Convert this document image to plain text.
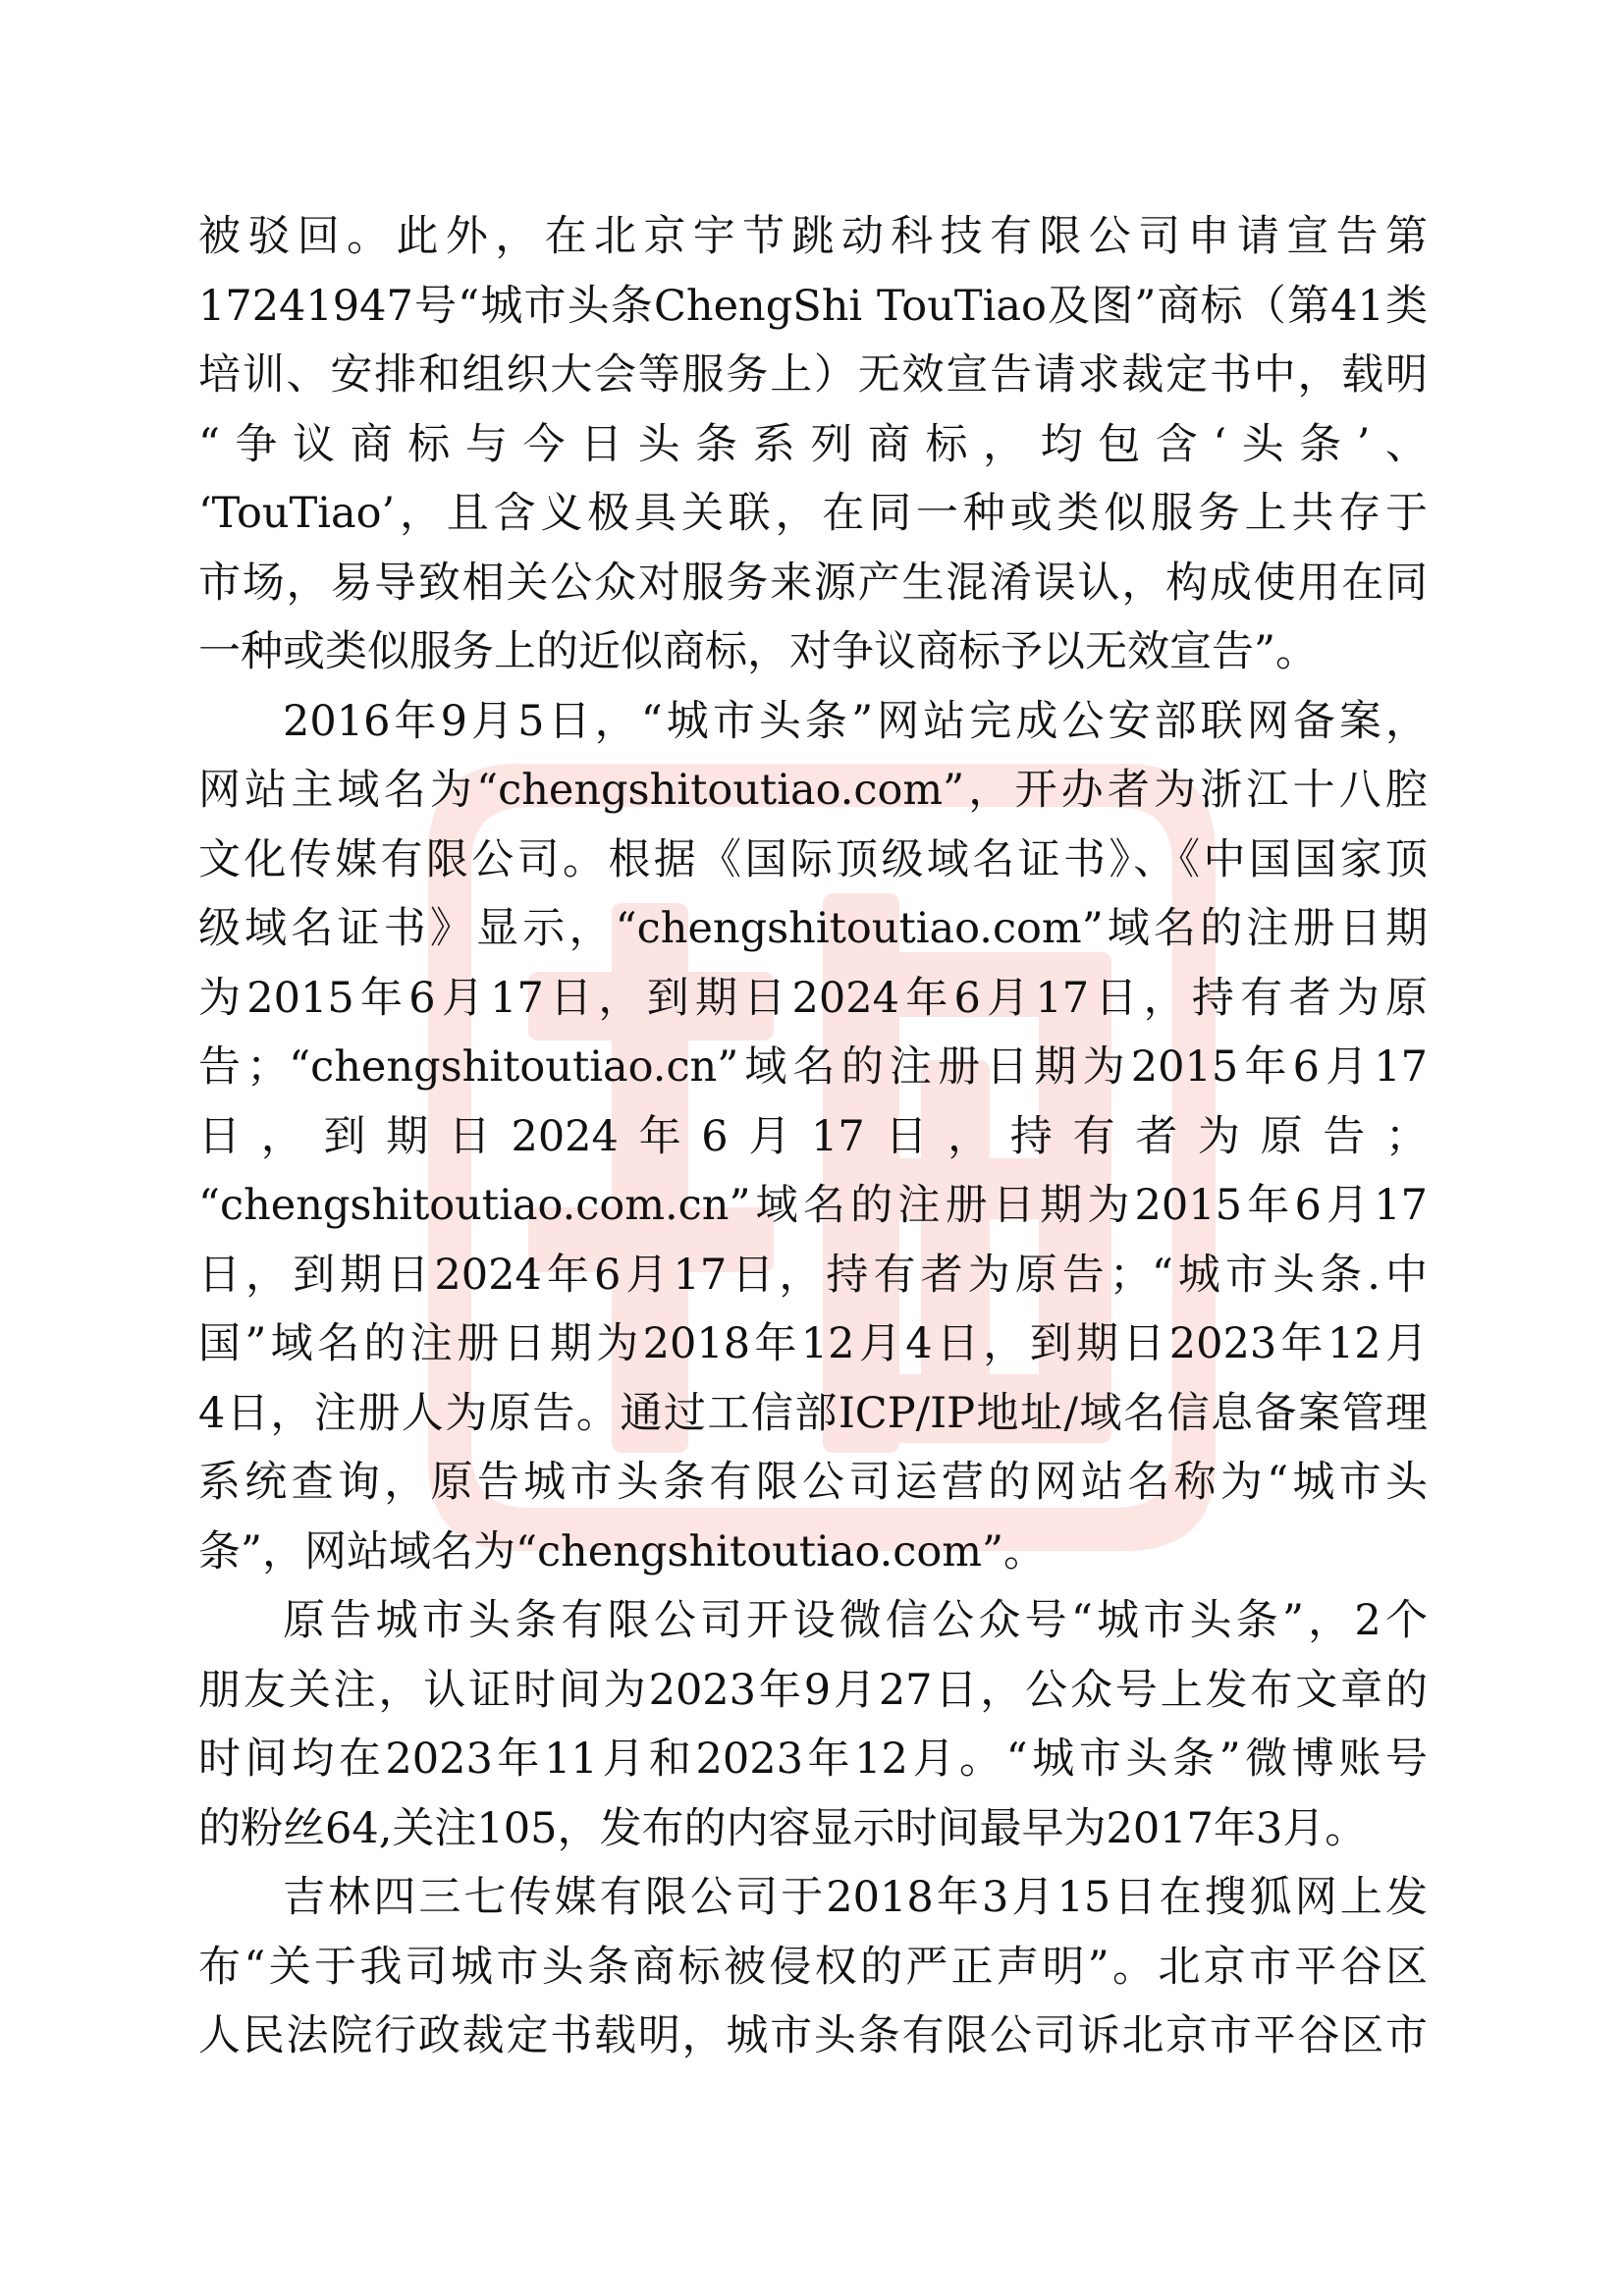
被驳回。此外，在北京宇节跳动科技有限公司申请宣告第
17241947号“城市头条ChengShi TouTiao及图”商标（第41类
培训、安排和组织大会等服务上）无效宣告请求裁定书中，载明
“争议商标与今日头条系列商标，均包含‘头条’、
‘TouTiao’，且含义极具关联，在同一种或类似服务上共存于
市场，易导致相关公众对服务来源产生混淆误认，构成使用在同
一种或类似服务上的近似商标，对争议商标予以无效宣告”。
2016年9月5日，“城市头条”网站完成公安部联网备案，
网站主域名为“chengshitoutiao.com”，开办者为浙江十八腔
文化传媒有限公司。根据《国际顶级域名证书》、《中国国家顶
级域名证书》显示，“chengshitoutiao.com”域名的注册日期
为2015年6月17日，到期日2024年6月17日，持有者为原
告；“chengshitoutiao.cn”域名的注册日期为2015年6月17
日，到期日2024年6月17日，持有者为原告；
“chengshitoutiao.com.cn”域名的注册日期为2015年6月17
日，到期日2024年6月17日，持有者为原告；“城市头条.中
国”域名的注册日期为2018年12月4日，到期日2023年12月
4日，注册人为原告。通过工信部ICP/IP地址/域名信息备案管理
系统查询，原告城市头条有限公司运营的网站名称为“城市头
条”，网站域名为“chengshitoutiao.com”。
原告城市头条有限公司开设微信公众号“城市头条”，2个
朋友关注，认证时间为2023年9月27日，公众号上发布文章的
时间均在2023年11月和2023年12月。“城市头条”微博账号
的粉丝64,关注105，发布的内容显示时间最早为2017年3月。
吉林四三七传媒有限公司于2018年3月15日在搜狐网上发
布“关于我司城市头条商标被侵权的严正声明”。北京市平谷区
人民法院行政裁定书载明，城市头条有限公司诉北京市平谷区市
